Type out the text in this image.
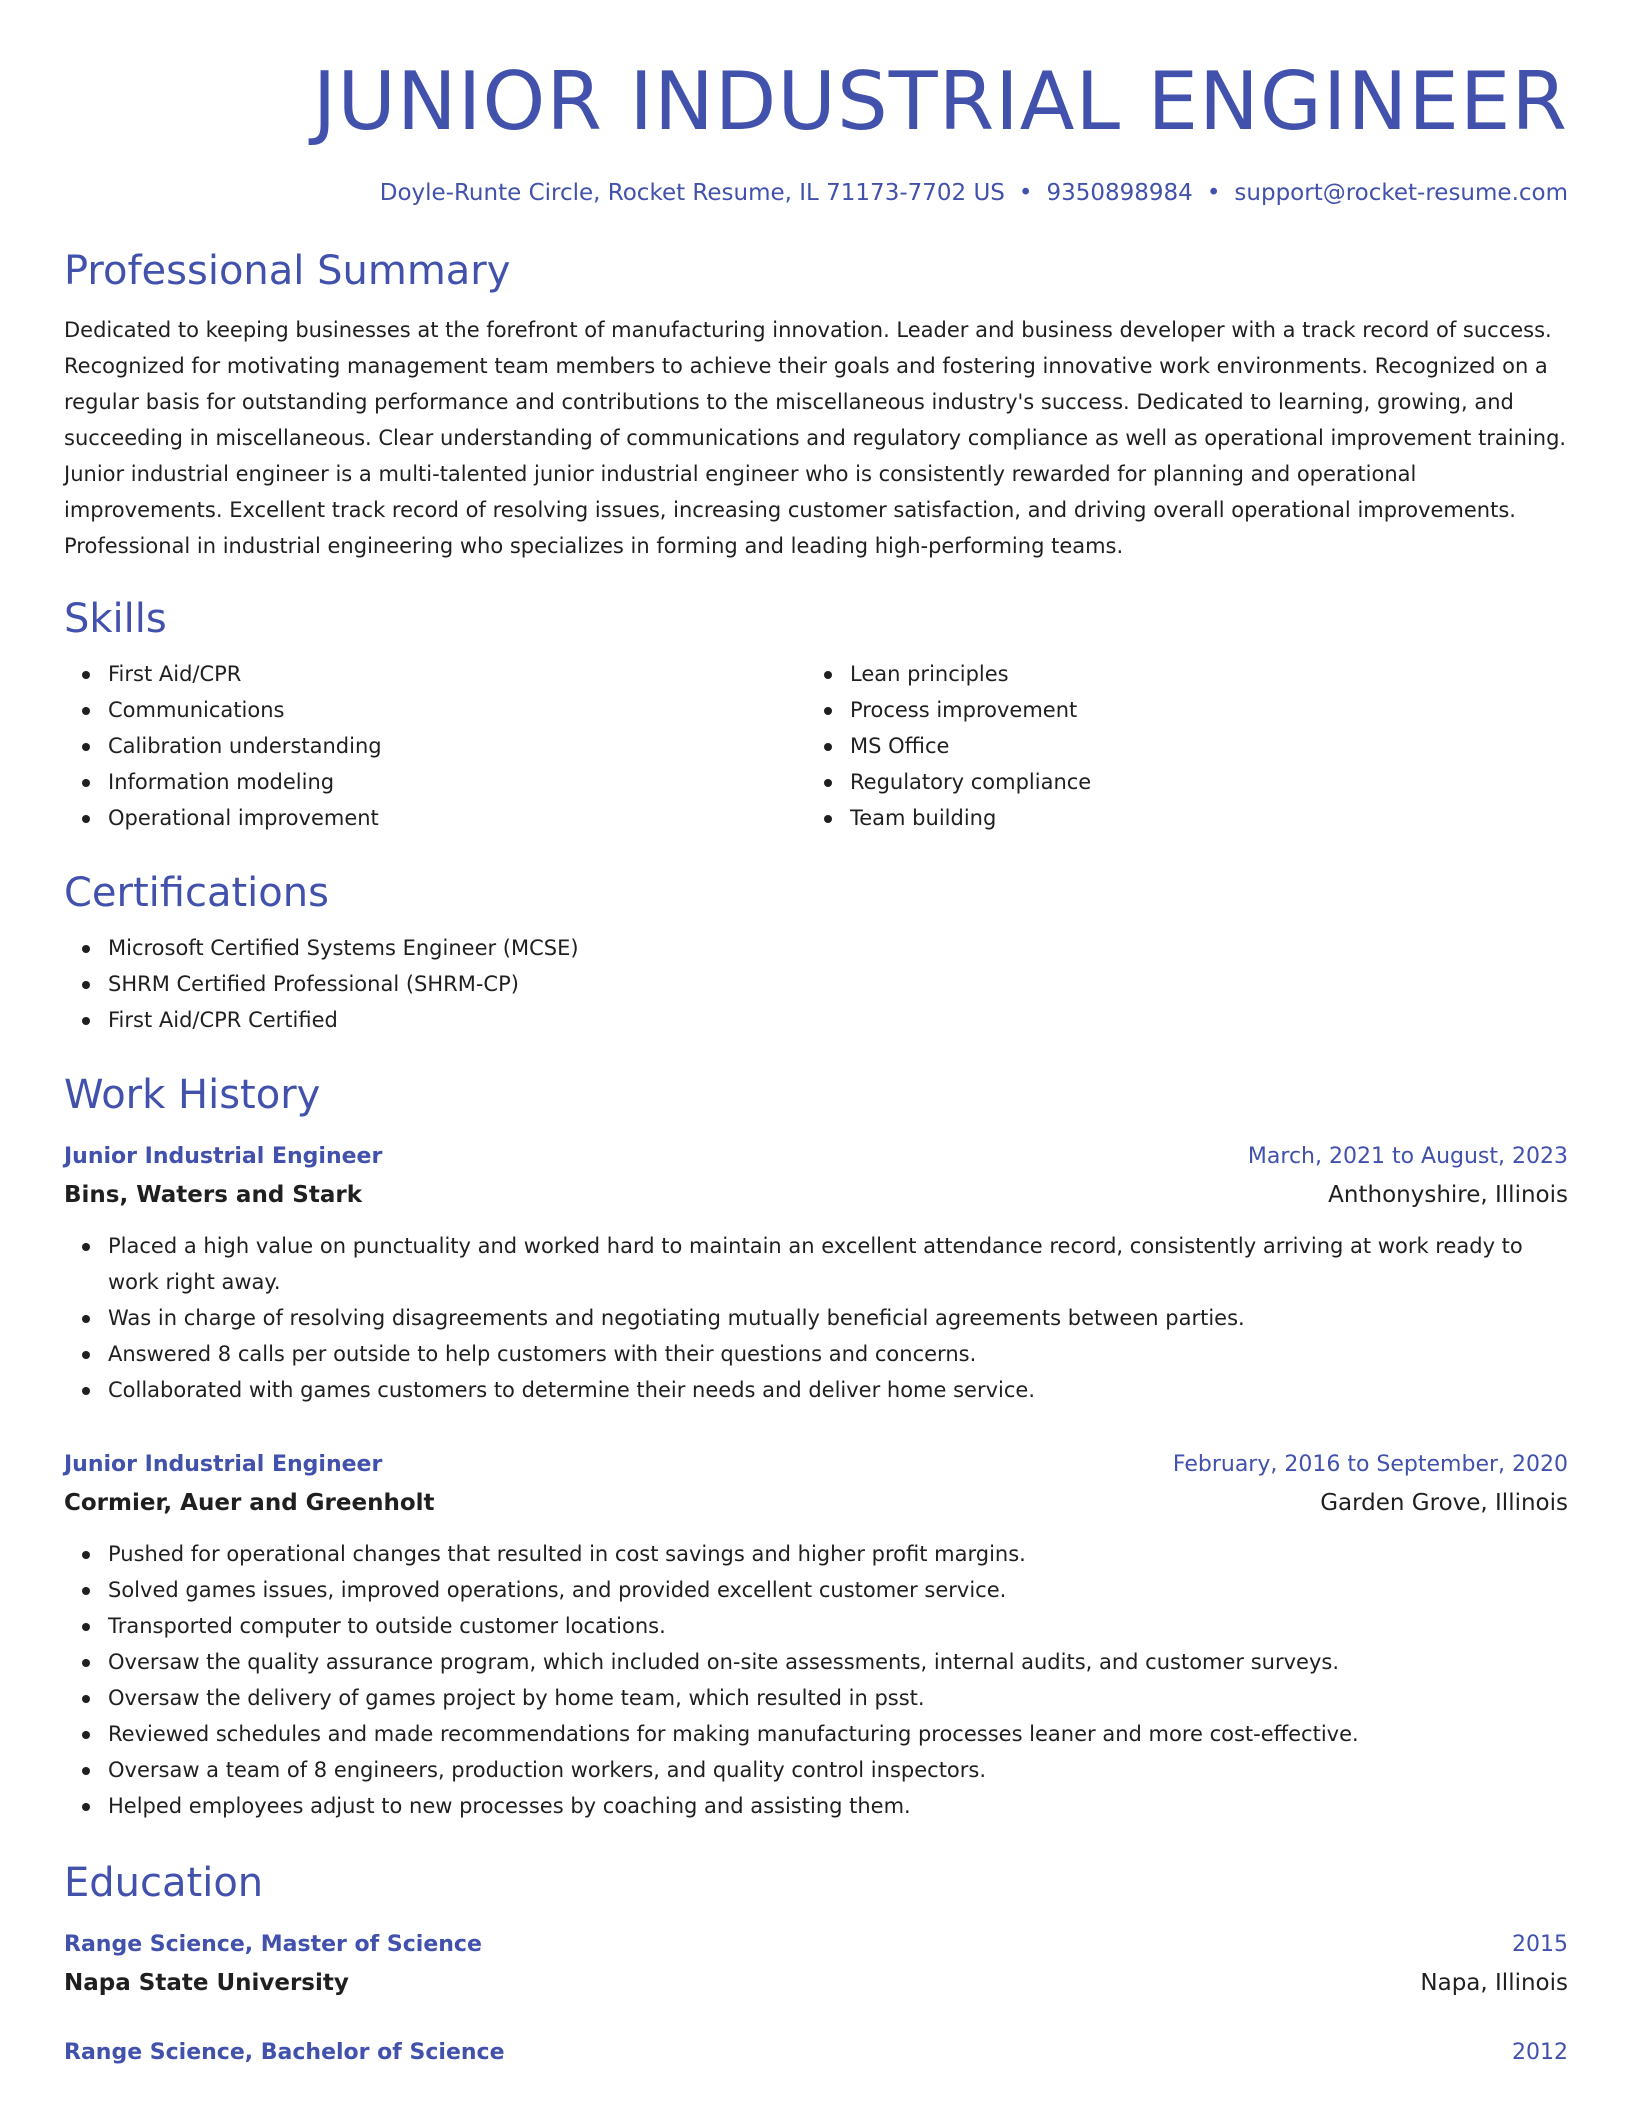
JUNIOR INDUSTRIAL ENGINEER
Doyle-Runte Circle, Rocket Resume, IL 71173-7702 US • 9350898984 • support@rocket-resume.com
Professional Summary

Dedicated to keeping businesses at the forefront of manufacturing innovation. Leader and business developer with a track record of success. Recognized for motivating management team members to achieve their goals and fostering innovative work environments. Recognized on a regular basis for outstanding performance and contributions to the miscellaneous industry's success. Dedicated to learning, growing, and succeeding in miscellaneous. Clear understanding of communications and regulatory compliance as well as operational improvement training. Junior industrial engineer is a multi-talented junior industrial engineer who is consistently rewarded for planning and operational improvements. Excellent track record of resolving issues, increasing customer satisfaction, and driving overall operational improvements. Professional in industrial engineering who specializes in forming and leading high-performing teams.

Skills
First Aid/CPR
Communications
Calibration understanding
Information modeling
Operational improvement
Lean principles
Process improvement
MS Office
Regulatory compliance
Team building
Certifications
Microsoft Certified Systems Engineer (MCSE)
SHRM Certified Professional (SHRM-CP)
First Aid/CPR Certified
Work History
Junior Industrial Engineer	March, 2021 to August, 2023
Bins, Waters and Stark	Anthonyshire, Illinois
Placed a high value on punctuality and worked hard to maintain an excellent attendance record, consistently arriving at work ready to work right away.
Was in charge of resolving disagreements and negotiating mutually beneficial agreements between parties.
Answered 8 calls per outside to help customers with their questions and concerns.
Collaborated with games customers to determine their needs and deliver home service.
Junior Industrial Engineer	February, 2016 to September, 2020
Cormier, Auer and Greenholt	Garden Grove, Illinois
Pushed for operational changes that resulted in cost savings and higher profit margins.
Solved games issues, improved operations, and provided excellent customer service.
Transported computer to outside customer locations.
Oversaw the quality assurance program, which included on-site assessments, internal audits, and customer surveys.
Oversaw the delivery of games project by home team, which resulted in psst.
Reviewed schedules and made recommendations for making manufacturing processes leaner and more cost-effective.
Oversaw a team of 8 engineers, production workers, and quality control inspectors.
Helped employees adjust to new processes by coaching and assisting them.
Education
Range Science, Master of Science	2015
Napa State University	Napa, Illinois
Range Science, Bachelor of Science	2012
